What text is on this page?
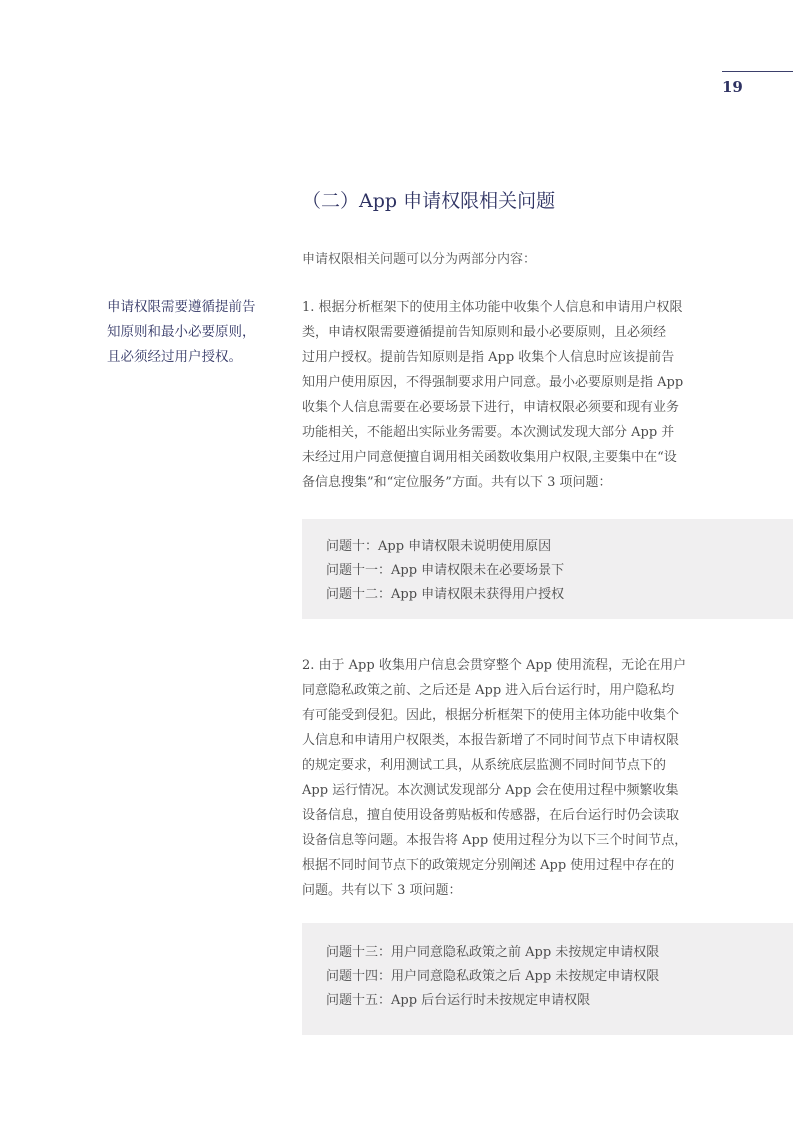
19
（二）App 申请权限相关问题
申请权限相关问题可以分为两部分内容：
申请权限需要遵循提前告
知原则和最小必要原则，
且必须经过用户授权。
1. 根据分析框架下的使用主体功能中收集个人信息和申请用户权限
类，申请权限需要遵循提前告知原则和最小必要原则，且必须经
过用户授权。提前告知原则是指 App 收集个人信息时应该提前告
知用户使用原因，不得强制要求用户同意。最小必要原则是指 App
收集个人信息需要在必要场景下进行，申请权限必须要和现有业务
功能相关，不能超出实际业务需要。本次测试发现大部分 App 并
未经过用户同意便擅自调用相关函数收集用户权限,主要集中在“设
备信息搜集”和“定位服务”方面。共有以下 3 项问题：
问题十：App 申请权限未说明使用原因
问题十一：App 申请权限未在必要场景下
问题十二：App 申请权限未获得用户授权
2. 由于 App 收集用户信息会贯穿整个 App 使用流程，无论在用户
同意隐私政策之前、之后还是 App 进入后台运行时，用户隐私均
有可能受到侵犯。因此，根据分析框架下的使用主体功能中收集个
人信息和申请用户权限类，本报告新增了不同时间节点下申请权限
的规定要求，利用测试工具，从系统底层监测不同时间节点下的
App 运行情况。本次测试发现部分 App 会在使用过程中频繁收集
设备信息，擅自使用设备剪贴板和传感器，在后台运行时仍会读取
设备信息等问题。本报告将 App 使用过程分为以下三个时间节点，
根据不同时间节点下的政策规定分别阐述 App 使用过程中存在的
问题。共有以下 3 项问题：
问题十三：用户同意隐私政策之前 App 未按规定申请权限
问题十四：用户同意隐私政策之后 App 未按规定申请权限
问题十五：App 后台运行时未按规定申请权限
